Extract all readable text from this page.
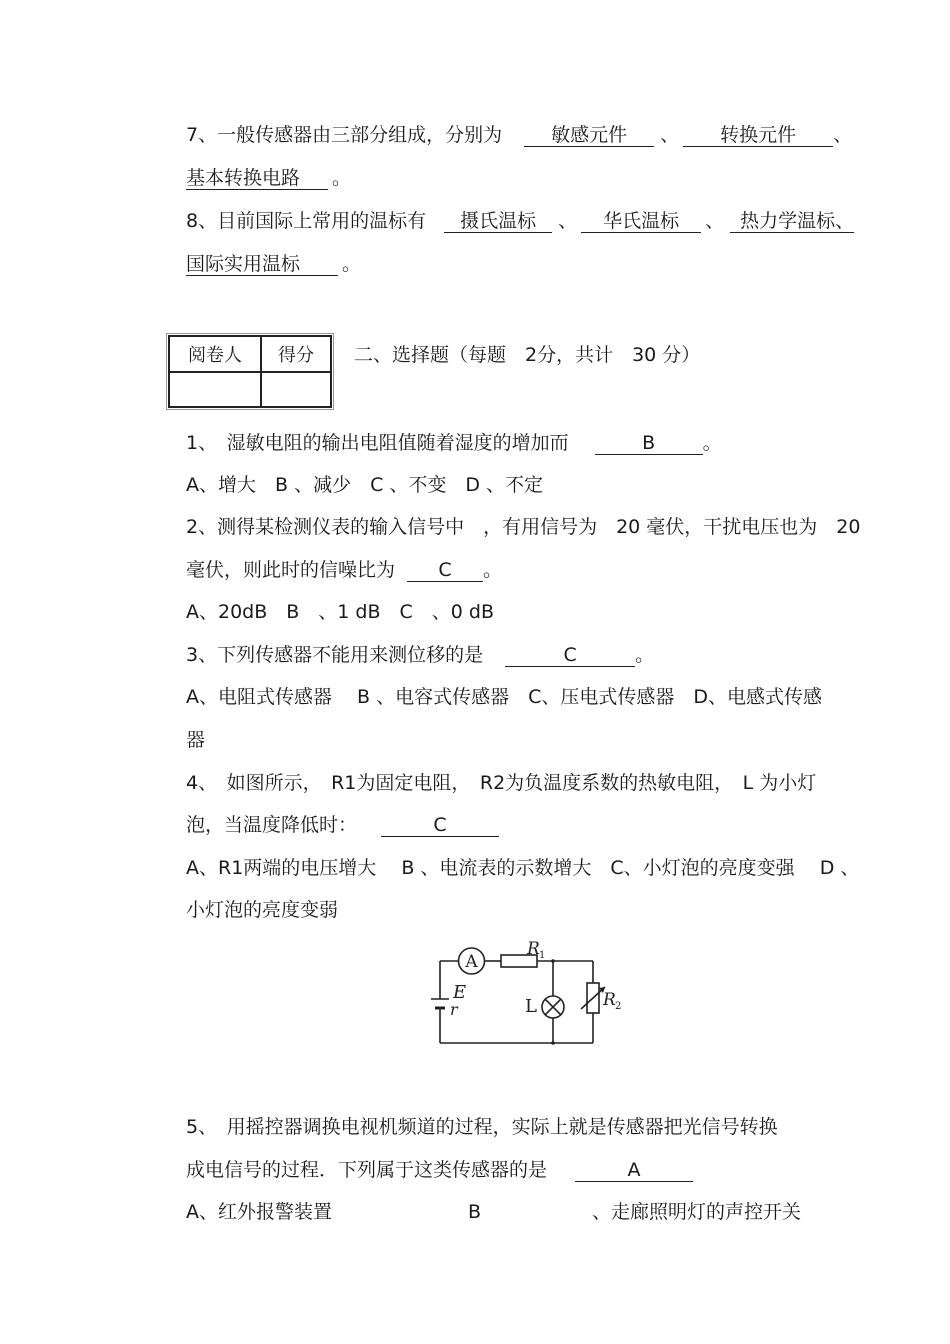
7、一般传感器由三部分组成，分别为	敏感元件 、 转换元件 、
基本转换电路 。
8、目前国际上常用的温标有 摄氏温标 、 华氏温标 、 热力学温标、
国际实用温标 。
阅卷人	得分
	二、选择题（每题　2分，共计　30 分）
1、　湿敏电阻的输出电阻值随着湿度的增加而	B 。
A、增大　B 、减少　C 、不变　D 、不定
2、测得某检测仪表的输入信号中　，有用信号为　20 毫伏，干扰电压也为　20
毫伏，则此时的信噪比为 C 。
A、20dB　B　、1 dB　C　、0 dB
3、下列传感器不能用来测位移的是	C	。
A、电阻式传感器　 B 、电容式传感器　C、压电式传感器　D、电感式传感
器
4、　如图所示，　R1为固定电阻，　R2为负温度系数的热敏电阻，　L 为小灯
泡，当温度降低时：	C
A、R1两端的电压增大　 B 、电流表的示数增大　C、小灯泡的亮度变强　 D 、
小灯泡的亮度变弱
A
R 1
E
r	L	R 2
5、　用摇控器调换电视机频道的过程，实际上就是传感器把光信号转换
成电信号的过程．下列属于这类传感器的是	A
A、红外报警装置	B	、走廊照明灯的声控开关
